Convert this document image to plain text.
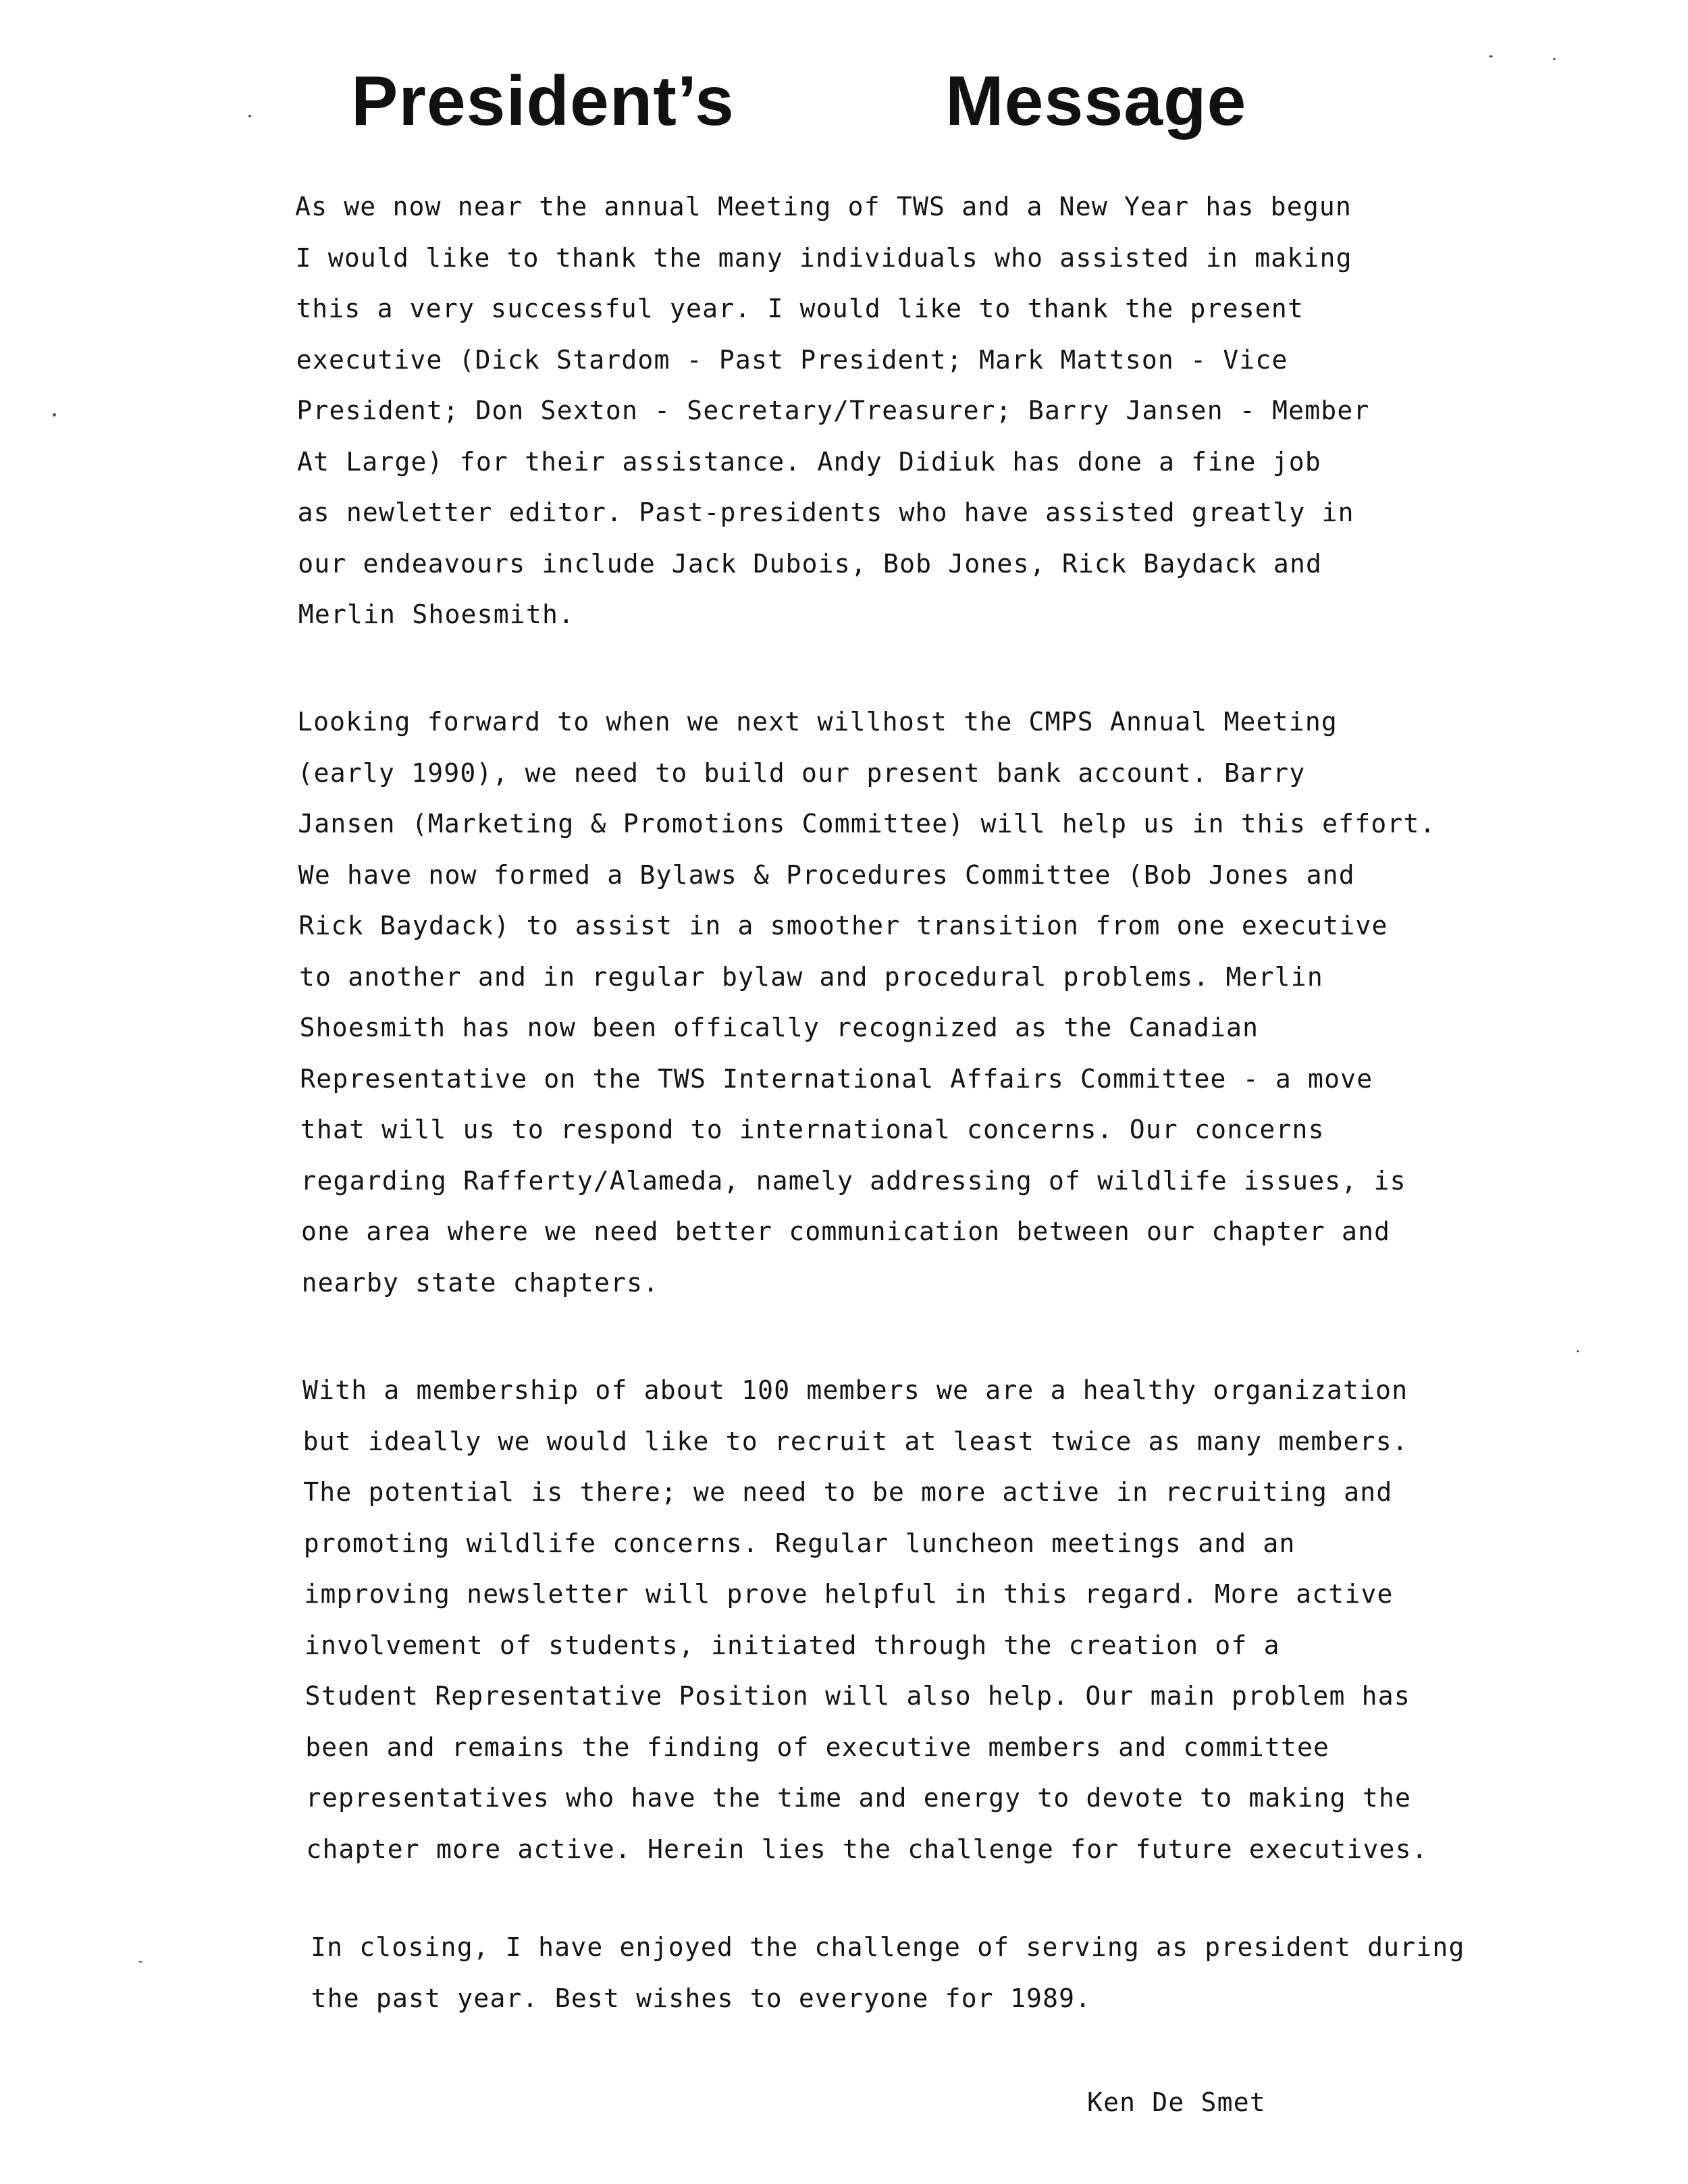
President’s	Message
As we now near the annual Meeting of TWS and a New Year has begun
I would like to thank the many individuals who assisted in making
this a very successful year. I would like to thank the present
executive (Dick Stardom - Past President; Mark Mattson - Vice
President; Don Sexton - Secretary/Treasurer; Barry Jansen - Member
At Large) for their assistance. Andy Didiuk has done a fine job
as newletter editor. Past-presidents who have assisted greatly in
our endeavours include Jack Dubois, Bob Jones, Rick Baydack and
Merlin Shoesmith.
Looking forward to when we next willhost the CMPS Annual Meeting
(early 1990), we need to build our present bank account. Barry
Jansen (Marketing & Promotions Committee) will help us in this effort.
We have now formed a Bylaws & Procedures Committee (Bob Jones and
Rick Baydack) to assist in a smoother transition from one executive
to another and in regular bylaw and procedural problems. Merlin
Shoesmith has now been offically recognized as the Canadian
Representative on the TWS International Affairs Committee - a move
that will us to respond to international concerns. Our concerns
regarding Rafferty/Alameda, namely addressing of wildlife issues, is
one area where we need better communication between our chapter and
nearby state chapters.
With a membership of about 100 members we are a healthy organization
but ideally we would like to recruit at least twice as many members.
The potential is there; we need to be more active in recruiting and
promoting wildlife concerns. Regular luncheon meetings and an
improving newsletter will prove helpful in this regard. More active
involvement of students, initiated through the creation of a
Student Representative Position will also help. Our main problem has
been and remains the finding of executive members and committee
representatives who have the time and energy to devote to making the
chapter more active. Herein lies the challenge for future executives.
In closing, I have enjoyed the challenge of serving as president during
the past year. Best wishes to everyone for 1989.
Ken De Smet
